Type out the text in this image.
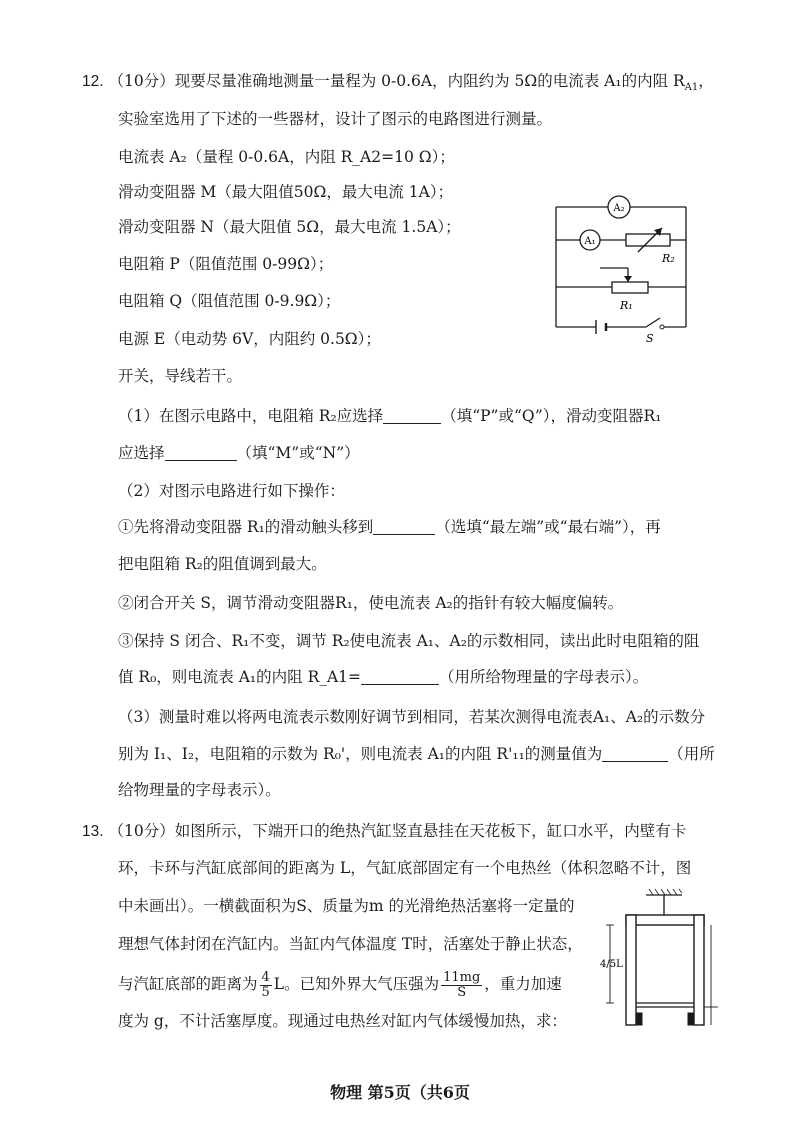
12. （10分）现要尽量准确地测量一量程为 0-0.6A，内阻约为 5Ω的电流表 A₁的内阻 $R_{A1}$，
实验室选用了下述的一些器材，设计了图示的电路图进行测量。
电流表 A₂（量程 0-0.6A，内阻 R_A2=10 Ω）；
滑动变阻器 M（最大阻值50Ω，最大电流 1A）；
滑动变阻器 N（最大阻值 5Ω，最大电流 1.5A）；
电阻箱 P（阻值范围 0-99Ω）；
电阻箱 Q（阻值范围 0-9.9Ω）；
电源 E（电动势 6V，内阻约 0.5Ω）；
开关，导线若干。
A₂
A₁
R₂
R₁
S
（1）在图示电路中，电阻箱 R₂应选择	（填“P”或“Q”），滑动变阻器R₁
应选择	（填“M”或“N”）
（2）对图示电路进行如下操作：
①先将滑动变阻器 R₁的滑动触头移到	（选填“最左端”或“最右端”），再
把电阻箱 R₂的阻值调到最大。
②闭合开关 S，调节滑动变阻器R₁，使电流表 A₂的指针有较大幅度偏转。
③保持 S 闭合、R₁不变，调节 R₂使电流表 A₁、A₂的示数相同，读出此时电阻箱的阻
值 R₀，则电流表 A₁的内阻 R_A1=	（用所给物理量的字母表示）。
（3）测量时难以将两电流表示数刚好调节到相同，若某次测得电流表A₁、A₂的示数分
别为 I₁、I₂，电阻箱的示数为 R₀'，则电流表 A₁的内阻 R'₁₁的测量值为	（用所
给物理量的字母表示）。
13. （10分）如图所示，下端开口的绝热汽缸竖直悬挂在天花板下，缸口水平，内壁有卡
环，卡环与汽缸底部间的距离为 L，气缸底部固定有一个电热丝（体积忽略不计，图
中未画出）。一横截面积为S、质量为m 的光滑绝热活塞将一定量的
理想气体封闭在汽缸内。当缸内气体温度 T时，活塞处于静止状态，
与汽缸底部的距离为 $\frac{4}{5}$ L。已知外界大气压强为 $\frac{11mg}{S}$ ，重力加速
度为 g，不计活塞厚度。现通过电热丝对缸内气体缓慢加热，求：
4/5L
物理 第5页（共6页
